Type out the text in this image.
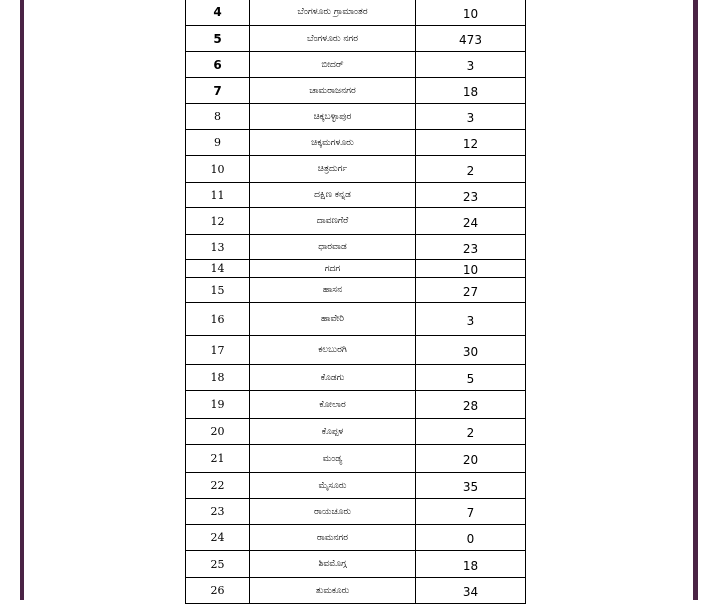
4	ಬೆಂಗಳೂರು ಗ್ರಾಮಾಂತರ	10
5	ಬೆಂಗಳೂರು ನಗರ	473
6	ಬೀದರ್	3
7	ಚಾಮರಾಜನಗರ	18
8	ಚಿಕ್ಕಬಳ್ಳಾಪುರ	3
9	ಚಿಕ್ಕಮಗಳೂರು	12
10	ಚಿತ್ರದುರ್ಗ	2
11	ದಕ್ಷಿಣ ಕನ್ನಡ	23
12	ದಾವಣಗೆರೆ	24
13	ಧಾರವಾಡ	23
14	ಗದಗ	10
15	ಹಾಸನ	27
16	ಹಾವೇರಿ	3
17	ಕಲಬುರಗಿ	30
18	ಕೊಡಗು	5
19	ಕೋಲಾರ	28
20	ಕೊಪ್ಪಳ	2
21	ಮಂಡ್ಯ	20
22	ಮೈಸೂರು	35
23	ರಾಯಚೂರು	7
24	ರಾಮನಗರ	0
25	ಶಿವಮೊಗ್ಗ	18
26	ತುಮಕೂರು	34
